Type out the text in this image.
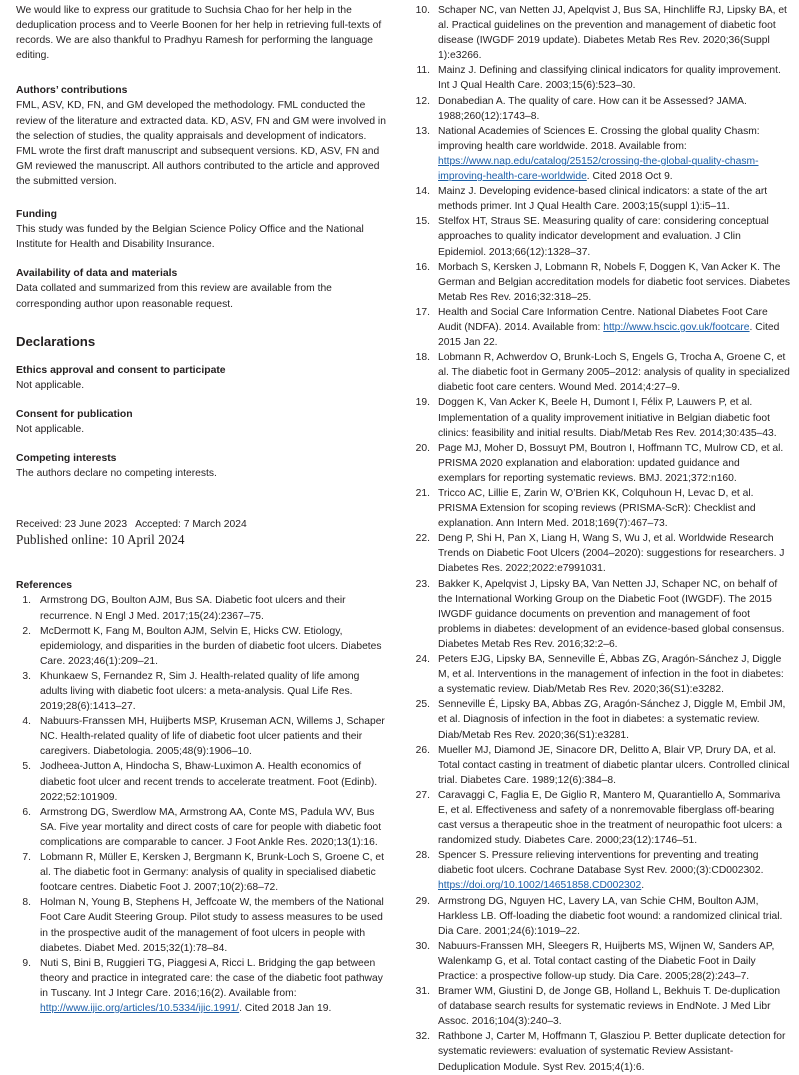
We would like to express our gratitude to Suchsia Chao for her help in the deduplication process and to Veerle Boonen for her help in retrieving full-texts of records. We are also thankful to Pradhyu Ramesh for performing the language editing.

Authors’ contributions

FML, ASV, KD, FN, and GM developed the methodology. FML conducted the review of the literature and extracted data. KD, ASV, FN and GM were involved in the selection of studies, the quality appraisals and development of indicators. FML wrote the first draft manuscript and subsequent versions. KD, ASV, FN and GM reviewed the manuscript. All authors contributed to the article and approved the submitted version.

Funding

This study was funded by the Belgian Science Policy Office and the National Institute for Health and Disability Insurance.

Availability of data and materials

Data collated and summarized from this review are available from the corresponding author upon reasonable request.

Declarations

Ethics approval and consent to participate

Not applicable.

Consent for publication

Not applicable.

Competing interests

The authors declare no competing interests.

Received: 23 June 2023   Accepted: 7 March 2024

Published online: 10 April 2024

References

1. Armstrong DG, Boulton AJM, Bus SA. Diabetic foot ulcers and their recurrence. N Engl J Med. 2017;15(24):2367–75.
2. McDermott K, Fang M, Boulton AJM, Selvin E, Hicks CW. Etiology, epidemiology, and disparities in the burden of diabetic foot ulcers. Diabetes Care. 2023;46(1):209–21.
3. Khunkaew S, Fernandez R, Sim J. Health-related quality of life among adults living with diabetic foot ulcers: a meta-analysis. Qual Life Res. 2019;28(6):1413–27.
4. Nabuurs-Franssen MH, Huijberts MSP, Kruseman ACN, Willems J, Schaper NC. Health-related quality of life of diabetic foot ulcer patients and their caregivers. Diabetologia. 2005;48(9):1906–10.
5. Jodheea-Jutton A, Hindocha S, Bhaw-Luximon A. Health economics of diabetic foot ulcer and recent trends to accelerate treatment. Foot (Edinb). 2022;52:101909.
6. Armstrong DG, Swerdlow MA, Armstrong AA, Conte MS, Padula WV, Bus SA. Five year mortality and direct costs of care for people with diabetic foot complications are comparable to cancer. J Foot Ankle Res. 2020;13(1):16.
7. Lobmann R, Müller E, Kersken J, Bergmann K, Brunk-Loch S, Groene C, et al. The diabetic foot in Germany: analysis of quality in specialised diabetic footcare centres. Diabetic Foot J. 2007;10(2):68–72.
8. Holman N, Young B, Stephens H, Jeffcoate W, the members of the National Foot Care Audit Steering Group. Pilot study to assess measures to be used in the prospective audit of the management of foot ulcers in people with diabetes. Diabet Med. 2015;32(1):78–84.
9. Nuti S, Bini B, Ruggieri TG, Piaggesi A, Ricci L. Bridging the gap between theory and practice in integrated care: the case of the diabetic foot pathway in Tuscany. Int J Integr Care. 2016;16(2). Available from: http://www.ijic.org/articles/10.5334/ijic.1991/. Cited 2018 Jan 19.
10. Schaper NC, van Netten JJ, Apelqvist J, Bus SA, Hinchliffe RJ, Lipsky BA, et al. Practical guidelines on the prevention and management of diabetic foot disease (IWGDF 2019 update). Diabetes Metab Res Rev. 2020;36(Suppl 1):e3266.
11. Mainz J. Defining and classifying clinical indicators for quality improvement. Int J Qual Health Care. 2003;15(6):523–30.
12. Donabedian A. The quality of care. How can it be Assessed? JAMA. 1988;260(12):1743–8.
13. National Academies of Sciences E. Crossing the global quality Chasm: improving health care worldwide. 2018. Available from: https://www.nap.edu/catalog/25152/crossing-the-global-quality-chasm-improving-health-care-worldwide. Cited 2018 Oct 9.
14. Mainz J. Developing evidence-based clinical indicators: a state of the art methods primer. Int J Qual Health Care. 2003;15(suppl 1):i5–11.
15. Stelfox HT, Straus SE. Measuring quality of care: considering conceptual approaches to quality indicator development and evaluation. J Clin Epidemiol. 2013;66(12):1328–37.
16. Morbach S, Kersken J, Lobmann R, Nobels F, Doggen K, Van Acker K. The German and Belgian accreditation models for diabetic foot services. Diabetes Metab Res Rev. 2016;32:318–25.
17. Health and Social Care Information Centre. National Diabetes Foot Care Audit (NDFA). 2014. Available from: http://www.hscic.gov.uk/footcare. Cited 2015 Jan 22.
18. Lobmann R, Achwerdov O, Brunk-Loch S, Engels G, Trocha A, Groene C, et al. The diabetic foot in Germany 2005–2012: analysis of quality in specialized diabetic foot care centers. Wound Med. 2014;4:27–9.
19. Doggen K, Van Acker K, Beele H, Dumont I, Félix P, Lauwers P, et al. Implementation of a quality improvement initiative in Belgian diabetic foot clinics: feasibility and initial results. Diab/Metab Res Rev. 2014;30:435–43.
20. Page MJ, Moher D, Bossuyt PM, Boutron I, Hoffmann TC, Mulrow CD, et al. PRISMA 2020 explanation and elaboration: updated guidance and exemplars for reporting systematic reviews. BMJ. 2021;372:n160.
21. Tricco AC, Lillie E, Zarin W, O’Brien KK, Colquhoun H, Levac D, et al. PRISMA Extension for scoping reviews (PRISMA-ScR): Checklist and explanation. Ann Intern Med. 2018;169(7):467–73.
22. Deng P, Shi H, Pan X, Liang H, Wang S, Wu J, et al. Worldwide Research Trends on Diabetic Foot Ulcers (2004–2020): suggestions for researchers. J Diabetes Res. 2022;2022:e7991031.
23. Bakker K, Apelqvist J, Lipsky BA, Van Netten JJ, Schaper NC, on behalf of the International Working Group on the Diabetic Foot (IWGDF). The 2015 IWGDF guidance documents on prevention and management of foot problems in diabetes: development of an evidence-based global consensus. Diabetes Metab Res Rev. 2016;32:2–6.
24. Peters EJG, Lipsky BA, Senneville É, Abbas ZG, Aragón-Sánchez J, Diggle M, et al. Interventions in the management of infection in the foot in diabetes: a systematic review. Diab/Metab Res Rev. 2020;36(S1):e3282.
25. Senneville É, Lipsky BA, Abbas ZG, Aragón-Sánchez J, Diggle M, Embil JM, et al. Diagnosis of infection in the foot in diabetes: a systematic review. Diab/Metab Res Rev. 2020;36(S1):e3281.
26. Mueller MJ, Diamond JE, Sinacore DR, Delitto A, Blair VP, Drury DA, et al. Total contact casting in treatment of diabetic plantar ulcers. Controlled clinical trial. Diabetes Care. 1989;12(6):384–8.
27. Caravaggi C, Faglia E, De Giglio R, Mantero M, Quarantiello A, Sommariva E, et al. Effectiveness and safety of a nonremovable fiberglass off-bearing cast versus a therapeutic shoe in the treatment of neuropathic foot ulcers: a randomized study. Diabetes Care. 2000;23(12):1746–51.
28. Spencer S. Pressure relieving interventions for preventing and treating diabetic foot ulcers. Cochrane Database Syst Rev. 2000;(3):CD002302. https://doi.org/10.1002/14651858.CD002302.
29. Armstrong DG, Nguyen HC, Lavery LA, van Schie CHM, Boulton AJM, Harkless LB. Off-loading the diabetic foot wound: a randomized clinical trial. Dia Care. 2001;24(6):1019–22.
30. Nabuurs-Franssen MH, Sleegers R, Huijberts MS, Wijnen W, Sanders AP, Walenkamp G, et al. Total contact casting of the Diabetic Foot in Daily Practice: a prospective follow-up study. Dia Care. 2005;28(2):243–7.
31. Bramer WM, Giustini D, de Jonge GB, Holland L, Bekhuis T. De-duplication of database search results for systematic reviews in EndNote. J Med Libr Assoc. 2016;104(3):240–3.
32. Rathbone J, Carter M, Hoffmann T, Glasziou P. Better duplicate detection for systematic reviewers: evaluation of systematic Review Assistant-Deduplication Module. Syst Rev. 2015;4(1):6.
